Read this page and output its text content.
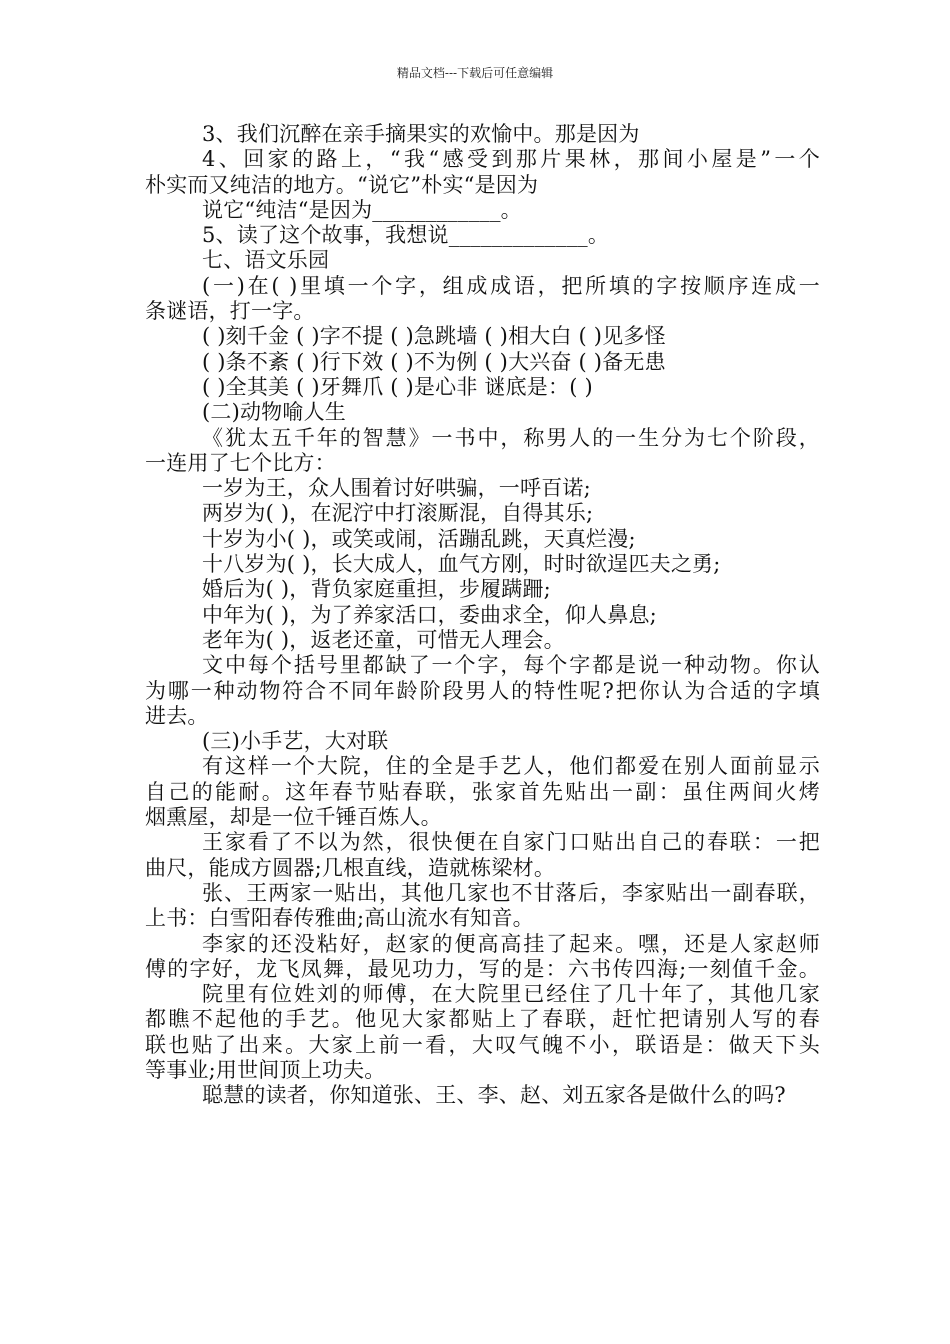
精品文档---下载后可任意编辑
3、我们沉醉在亲手摘果实的欢愉中。那是因为
4、回家的路上，“我“感受到那片果林，那间小屋是”一个
朴实而又纯洁的地方。“说它”朴实“是因为
说它“纯洁“是因为____________。
5、读了这个故事，我想说_____________。
七、语文乐园
(一)在( )里填一个字，组成成语，把所填的字按顺序连成一
条谜语，打一字。
( )刻千金 ( )字不提 ( )急跳墙 ( )相大白 ( )见多怪
( )条不紊 ( )行下效 ( )不为例 ( )大兴奋 ( )备无患
( )全其美 ( )牙舞爪 ( )是心非 谜底是：( )
(二)动物喻人生
《犹太五千年的智慧》一书中，称男人的一生分为七个阶段，
一连用了七个比方：
一岁为王，众人围着讨好哄骗，一呼百诺;
两岁为( )，在泥泞中打滚厮混，自得其乐;
十岁为小( )，或笑或闹，活蹦乱跳，天真烂漫;
十八岁为( )，长大成人，血气方刚，时时欲逞匹夫之勇;
婚后为( )，背负家庭重担，步履蹒跚;
中年为( )，为了养家活口，委曲求全，仰人鼻息;
老年为( )，返老还童，可惜无人理会。
文中每个括号里都缺了一个字，每个字都是说一种动物。你认
为哪一种动物符合不同年龄阶段男人的特性呢?把你认为合适的字填
进去。
(三)小手艺，大对联
有这样一个大院，住的全是手艺人，他们都爱在别人面前显示
自己的能耐。这年春节贴春联，张家首先贴出一副：虽住两间火烤
烟熏屋，却是一位千锤百炼人。
王家看了不以为然，很快便在自家门口贴出自己的春联：一把
曲尺，能成方圆器;几根直线，造就栋梁材。
张、王两家一贴出，其他几家也不甘落后，李家贴出一副春联，
上书：白雪阳春传雅曲;高山流水有知音。
李家的还没粘好，赵家的便高高挂了起来。嘿，还是人家赵师
傅的字好，龙飞凤舞，最见功力，写的是：六书传四海;一刻值千金。
院里有位姓刘的师傅，在大院里已经住了几十年了，其他几家
都瞧不起他的手艺。他见大家都贴上了春联，赶忙把请别人写的春
联也贴了出来。大家上前一看，大叹气魄不小，联语是：做天下头
等事业;用世间顶上功夫。
聪慧的读者，你知道张、王、李、赵、刘五家各是做什么的吗?
